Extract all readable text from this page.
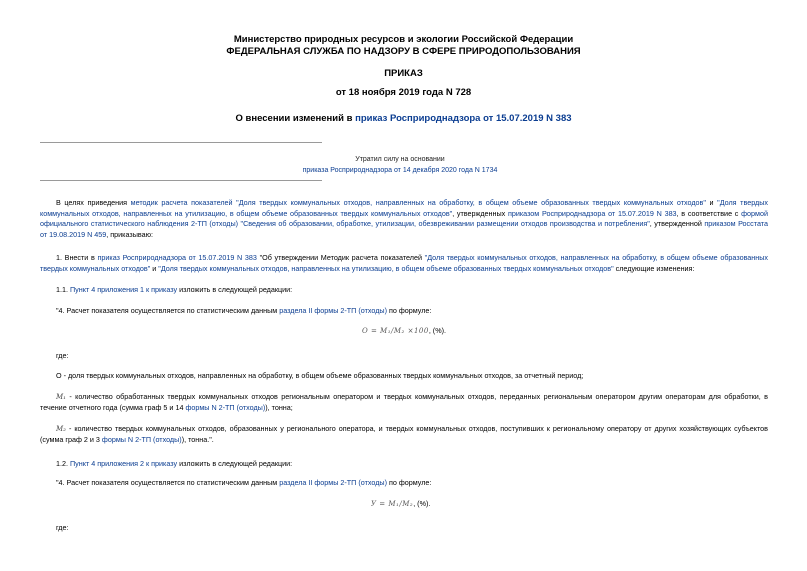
Министерство природных ресурсов и экологии Российской Федерации
ФЕДЕРАЛЬНАЯ СЛУЖБА ПО НАДЗОРУ В СФЕРЕ ПРИРОДОПОЛЬЗОВАНИЯ
ПРИКАЗ
от 18 ноября 2019 года N 728
О внесении изменений в приказ Росприроднадзора от 15.07.2019 N 383
Утратил силу на основании
приказа Росприроднадзора от 14 декабря 2020 года N 1734
В целях приведения методик расчета показателей "Доля твердых коммунальных отходов, направленных на обработку, в общем объеме образованных твердых коммунальных отходов" и "Доля твердых коммунальных отходов, направленных на утилизацию, в общем объеме образованных твердых коммунальных отходов", утвержденных приказом Росприроднадзора от 15.07.2019 N 383, в соответствие с формой официального статистического наблюдения 2-ТП (отходы) "Сведения об образовании, обработке, утилизации, обезвреживании размещении отходов производства и потребления", утвержденной приказом Росстата от 19.08.2019 N 459, приказываю:
1. Внести в приказ Росприроднадзора от 15.07.2019 N 383 "Об утверждении Методик расчета показателей "Доля твердых коммунальных отходов, направленных на обработку, в общем объеме образованных твердых коммунальных отходов" и "Доля твердых коммунальных отходов, направленных на утилизацию, в общем объеме образованных твердых коммунальных отходов" следующие изменения:
1.1. Пункт 4 приложения 1 к приказу изложить в следующей редакции:
"4. Расчет показателя осуществляется по статистическим данным раздела II формы 2-ТП (отходы) по формуле:
О = M₁/M₂ ×100, (%).
где:
О - доля твердых коммунальных отходов, направленных на обработку, в общем объеме образованных твердых коммунальных отходов, за отчетный период;
M₁ - количество обработанных твердых коммунальных отходов региональным оператором и твердых коммунальных отходов, переданных региональным оператором другим операторам для обработки, в течение отчетного года (сумма граф 5 и 14 формы N 2-ТП (отходы)), тонна;
M₂ - количество твердых коммунальных отходов, образованных у регионального оператора, и твердых коммунальных отходов, поступивших к региональному оператору от других хозяйствующих субъектов (сумма граф 2 и 3 формы N 2-ТП (отходы)), тонна.".
1.2. Пункт 4 приложения 2 к приказу изложить в следующей редакции:
"4. Расчет показателя осуществляется по статистическим данным раздела II формы 2-ТП (отходы) по формуле:
У = M₁/M₂, (%).
где:
